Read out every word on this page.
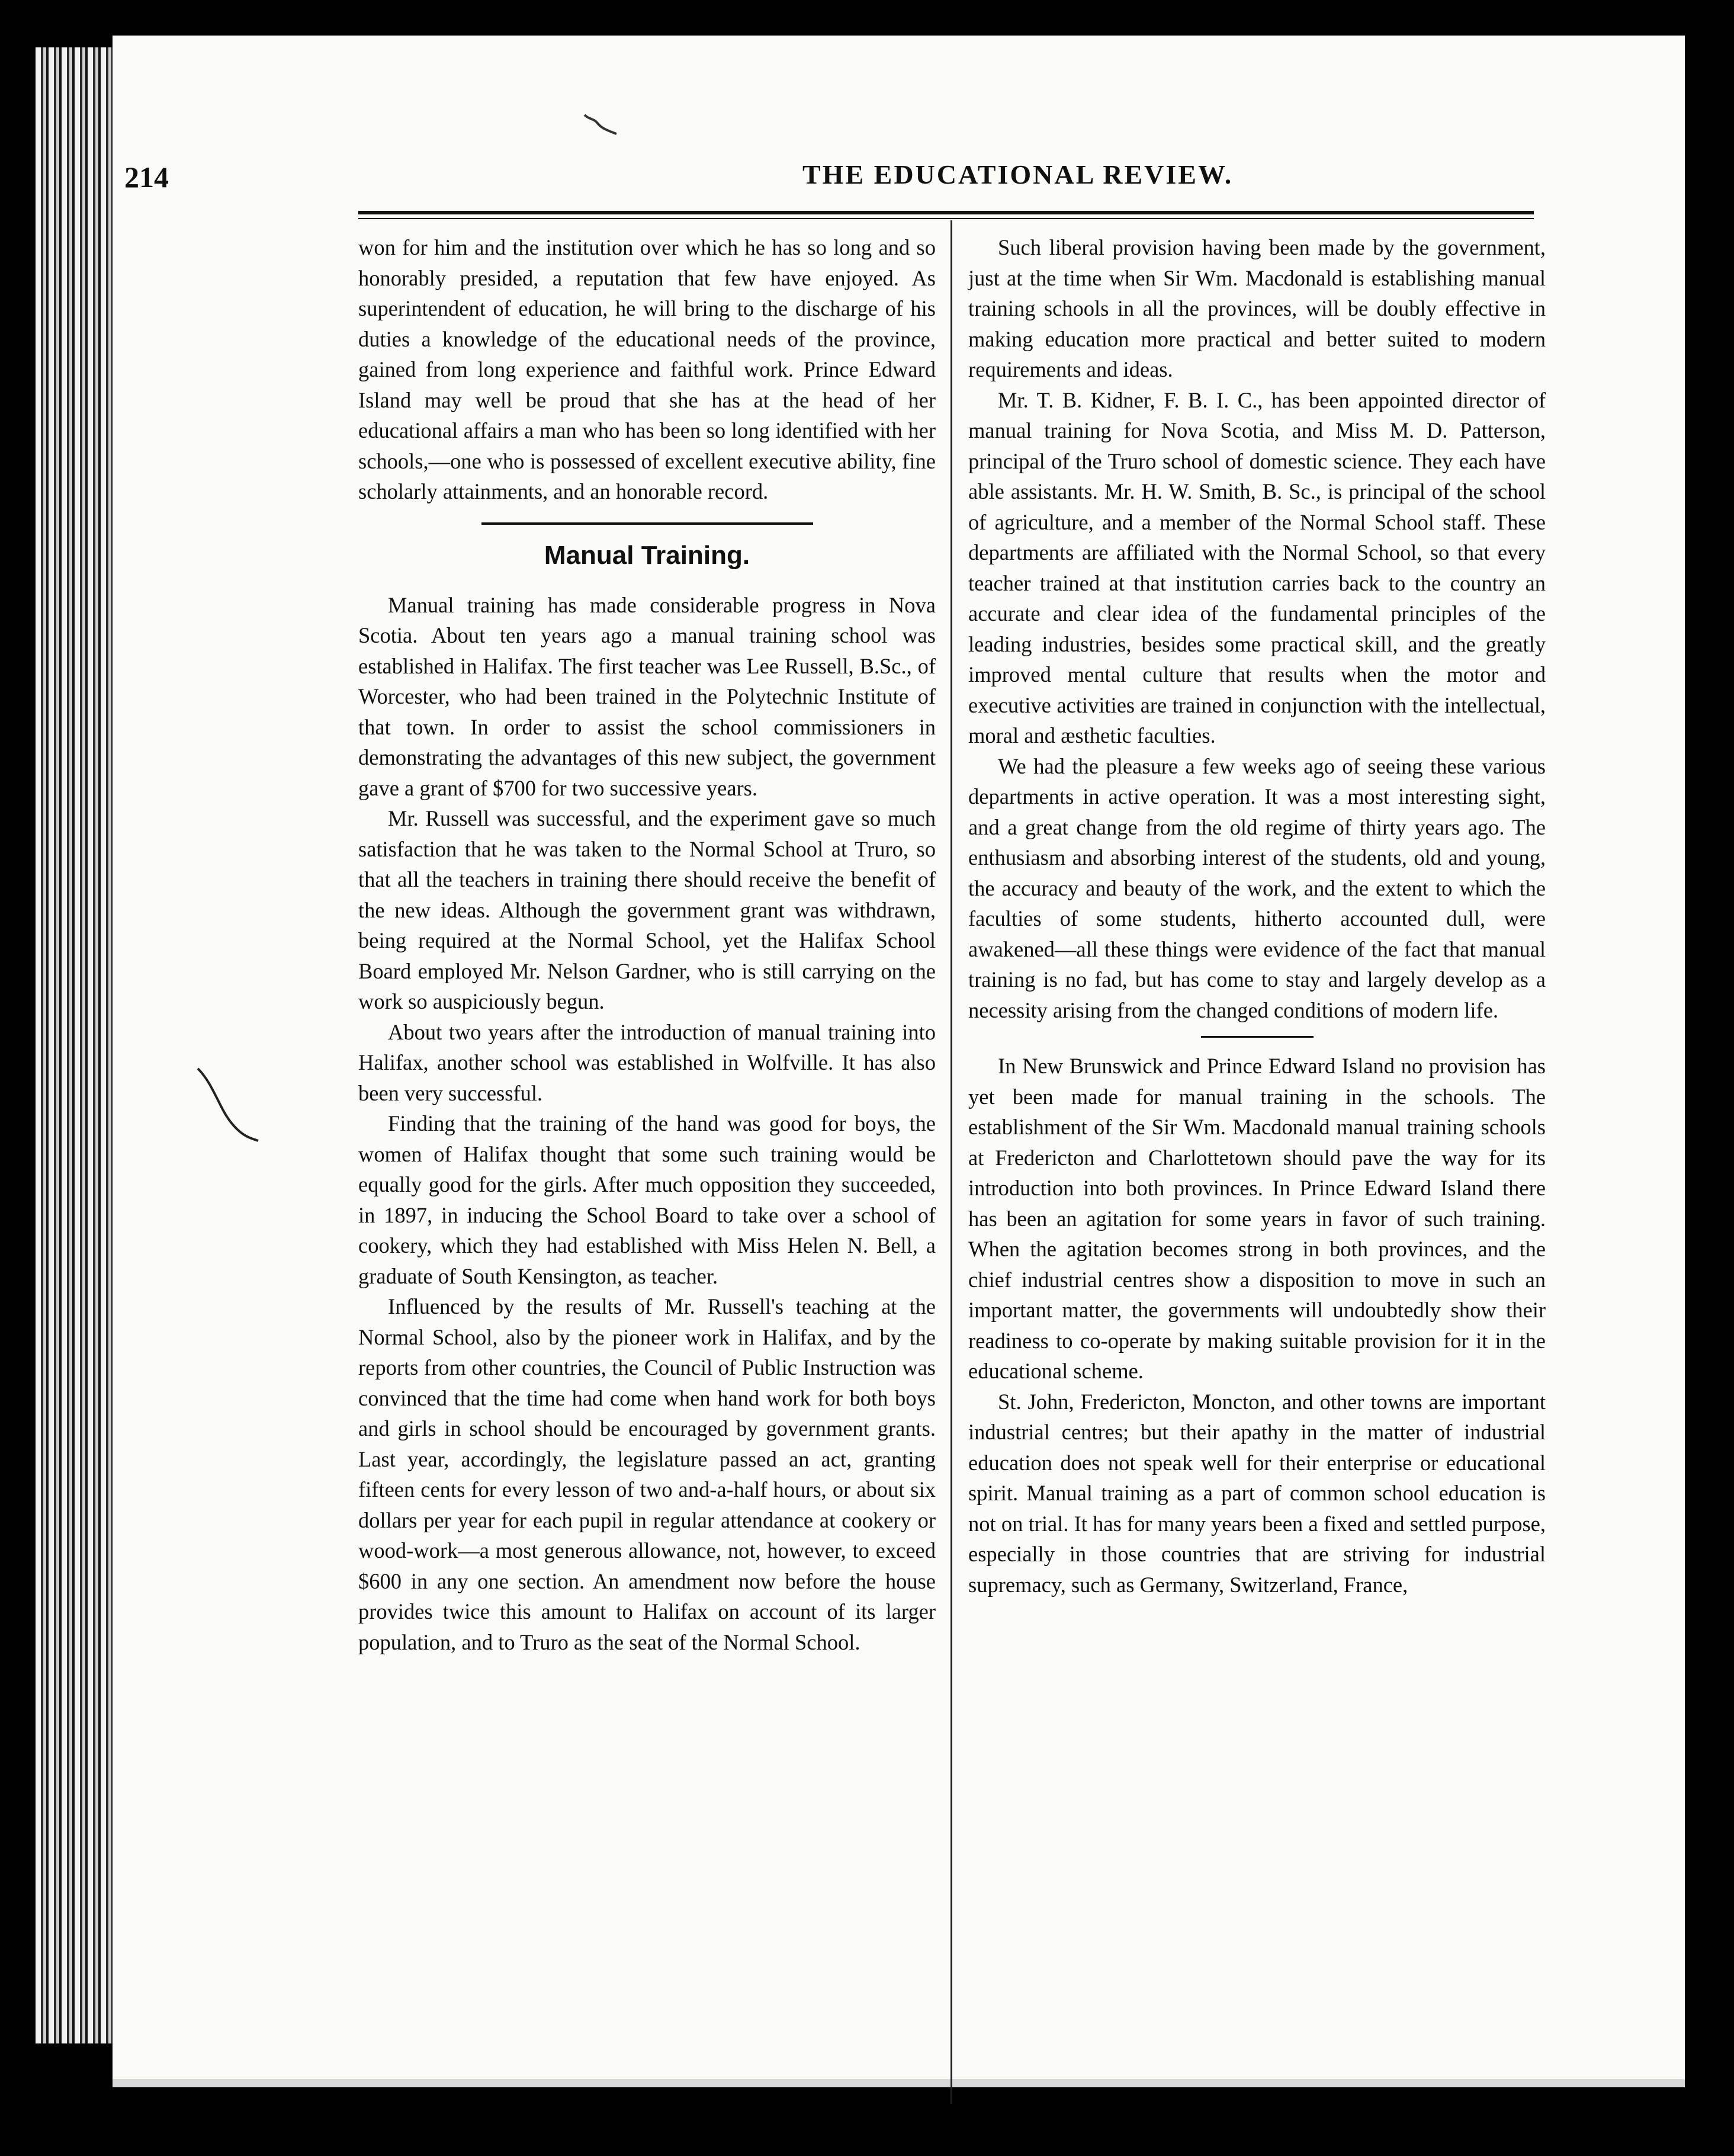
214	THE EDUCATIONAL REVIEW.

won for him and the institution over which he has so long and so honorably presided, a reputation that few have enjoyed. As superintendent of education, he will bring to the discharge of his duties a knowledge of the educational needs of the province, gained from long experience and faithful work. Prince Edward Island may well be proud that she has at the head of her educational affairs a man who has been so long identified with her schools,—one who is possessed of excellent executive ability, fine scholarly attainments, and an honorable record.

Manual Training.

Manual training has made considerable progress in Nova Scotia. About ten years ago a manual training school was established in Halifax. The first teacher was Lee Russell, B.Sc., of Worcester, who had been trained in the Polytechnic Institute of that town. In order to assist the school commissioners in demonstrating the advantages of this new subject, the government gave a grant of $700 for two successive years.

Mr. Russell was successful, and the experiment gave so much satisfaction that he was taken to the Normal School at Truro, so that all the teachers in training there should receive the benefit of the new ideas. Although the government grant was withdrawn, being required at the Normal School, yet the Halifax School Board employed Mr. Nelson Gardner, who is still carrying on the work so auspiciously begun.

About two years after the introduction of manual training into Halifax, another school was established in Wolfville. It has also been very successful.

Finding that the training of the hand was good for boys, the women of Halifax thought that some such training would be equally good for the girls. After much opposition they succeeded, in 1897, in inducing the School Board to take over a school of cookery, which they had established with Miss Helen N. Bell, a graduate of South Kensington, as teacher.

Influenced by the results of Mr. Russell's teaching at the Normal School, also by the pioneer work in Halifax, and by the reports from other countries, the Council of Public Instruction was convinced that the time had come when hand work for both boys and girls in school should be encouraged by government grants. Last year, accordingly, the legislature passed an act, granting fifteen cents for every lesson of two and-a-half hours, or about six dollars per year for each pupil in regular attendance at cookery or wood-work—a most generous allowance, not, however, to exceed $600 in any one section. An amendment now before the house provides twice this amount to Halifax on account of its larger population, and to Truro as the seat of the Normal School.

Such liberal provision having been made by the government, just at the time when Sir Wm. Macdonald is establishing manual training schools in all the provinces, will be doubly effective in making education more practical and better suited to modern requirements and ideas.

Mr. T. B. Kidner, F. B. I. C., has been appointed director of manual training for Nova Scotia, and Miss M. D. Patterson, principal of the Truro school of domestic science. They each have able assistants. Mr. H. W. Smith, B. Sc., is principal of the school of agriculture, and a member of the Normal School staff. These departments are affiliated with the Normal School, so that every teacher trained at that institution carries back to the country an accurate and clear idea of the fundamental principles of the leading industries, besides some practical skill, and the greatly improved mental culture that results when the motor and executive activities are trained in conjunction with the intellectual, moral and æsthetic faculties.

We had the pleasure a few weeks ago of seeing these various departments in active operation. It was a most interesting sight, and a great change from the old regime of thirty years ago. The enthusiasm and absorbing interest of the students, old and young, the accuracy and beauty of the work, and the extent to which the faculties of some students, hitherto accounted dull, were awakened—all these things were evidence of the fact that manual training is no fad, but has come to stay and largely develop as a necessity arising from the changed conditions of modern life.

In New Brunswick and Prince Edward Island no provision has yet been made for manual training in the schools. The establishment of the Sir Wm. Macdonald manual training schools at Fredericton and Charlottetown should pave the way for its introduction into both provinces. In Prince Edward Island there has been an agitation for some years in favor of such training. When the agitation becomes strong in both provinces, and the chief industrial centres show a disposition to move in such an important matter, the governments will undoubtedly show their readiness to co-operate by making suitable provision for it in the educational scheme.

St. John, Fredericton, Moncton, and other towns are important industrial centres; but their apathy in the matter of industrial education does not speak well for their enterprise or educational spirit. Manual training as a part of common school education is not on trial. It has for many years been a fixed and settled purpose, especially in those countries that are striving for industrial supremacy, such as Germany, Switzerland, France,
